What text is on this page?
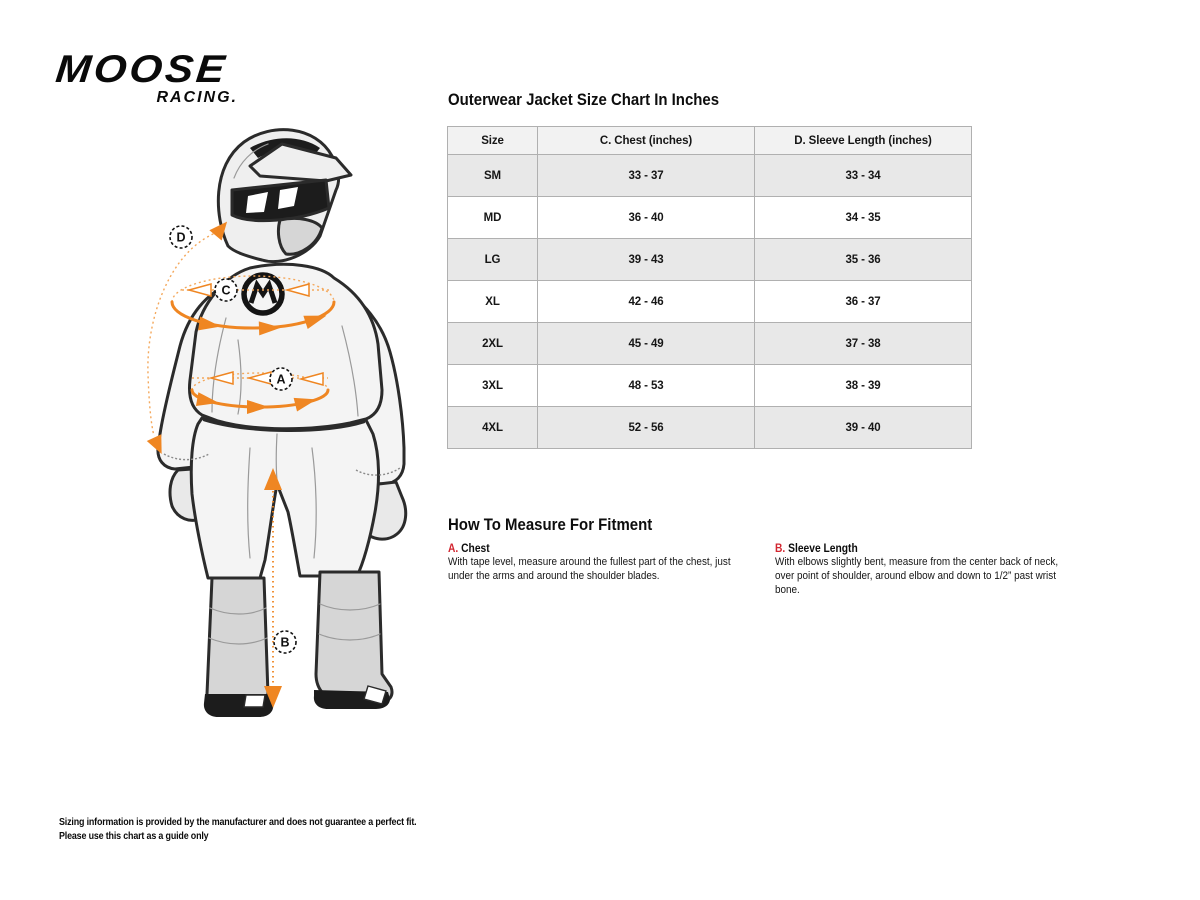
MOOSE
RACING.	Outerwear Jacket Size Chart In Inches
Size	C. Chest (inches)	D. Sleeve Length (inches)
SM	33 - 37	33 - 34
MD	36 - 40	34 - 35
LG	39 - 43	35 - 36
XL	42 - 46	36 - 37
2XL	45 - 49	37 - 38
3XL	48 - 53	38 - 39
4XL	52 - 56	39 - 40
How To Measure For Fitment
A. Chest
With tape level, measure around the fullest part of the chest, just under the arms and around the shoulder blades.
B. Sleeve Length
With elbows slightly bent, measure from the center back of neck, over point of shoulder, around elbow and down to 1/2” past wrist bone.
Sizing information is provided by the manufacturer and does not guarantee a perfect fit.
Please use this chart as a guide only
D
C
A
B
